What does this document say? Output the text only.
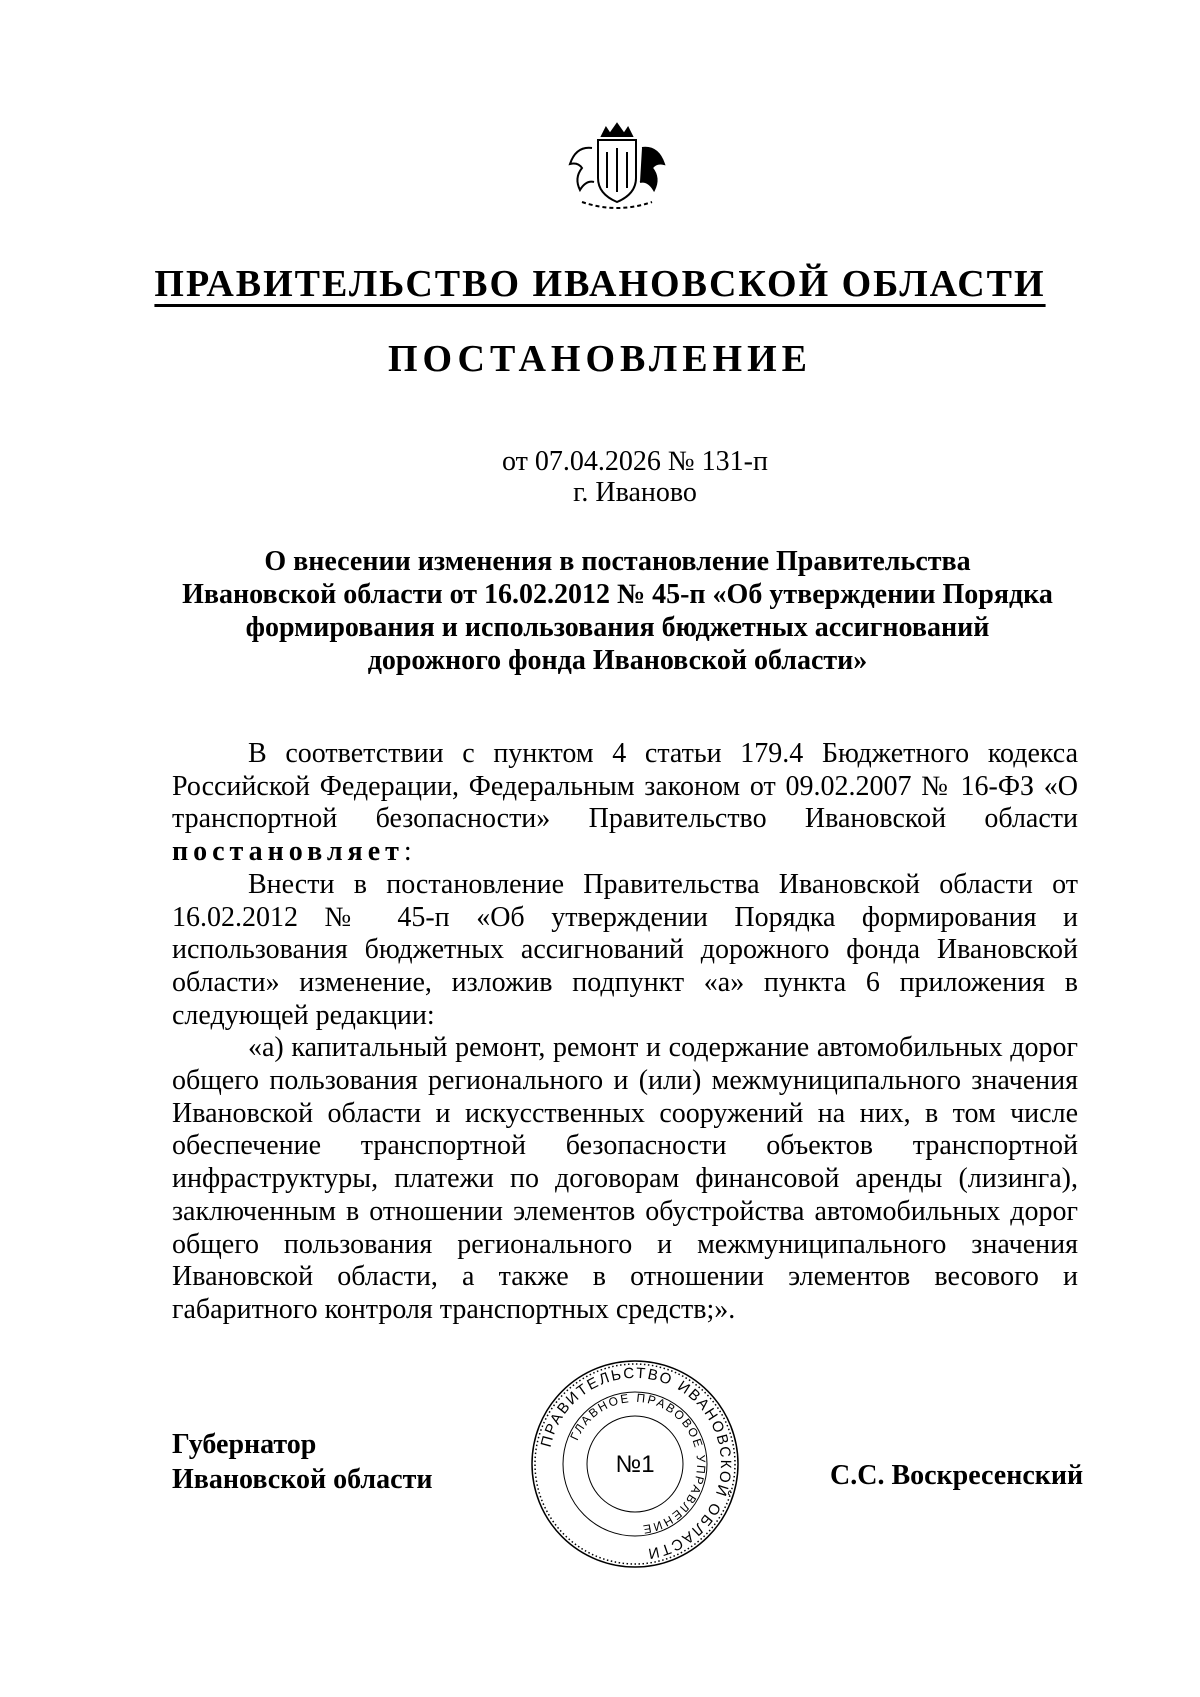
ПРАВИТЕЛЬСТВО ИВАНОВСКОЙ ОБЛАСТИ
ПОСТАНОВЛЕНИЕ
от 07.04.2026 № 131-п
г. Иваново
О внесении изменения в постановление Правительства
Ивановской области от 16.02.2012 № 45-п «Об утверждении Порядка
формирования и использования бюджетных ассигнований
дорожного фонда Ивановской области»

В соответствии с пунктом 4 статьи 179.4 Бюджетного кодекса Российской Федерации, Федеральным законом от 09.02.2007 № 16-ФЗ «О транспортной безопасности» Правительство Ивановской области постановляет:

Внести в постановление Правительства Ивановской области от 16.02.2012 № 45-п «Об утверждении Порядка формирования и использования бюджетных ассигнований дорожного фонда Ивановской области» изменение, изложив подпункт «а» пункта 6 приложения в следующей редакции:

«а) капитальный ремонт, ремонт и содержание автомобильных дорог общего пользования регионального и (или) межмуниципального значения Ивановской области и искусственных сооружений на них, в том числе обеспечение транспортной безопасности объектов транспортной инфраструктуры, платежи по договорам финансовой аренды (лизинга), заключенным в отношении элементов обустройства автомобильных дорог общего пользования регионального и межмуниципального значения Ивановской области, а также в отношении элементов весового и габаритного контроля транспортных средств;».

Губернатор
Ивановской области	С.С. Воскресенский
ПРАВИТЕЛЬСТВО ИВАНОВСКОЙ ОБЛАСТИ
ГЛАВНОЕ ПРАВОВОЕ УПРАВЛЕНИЕ
№1
